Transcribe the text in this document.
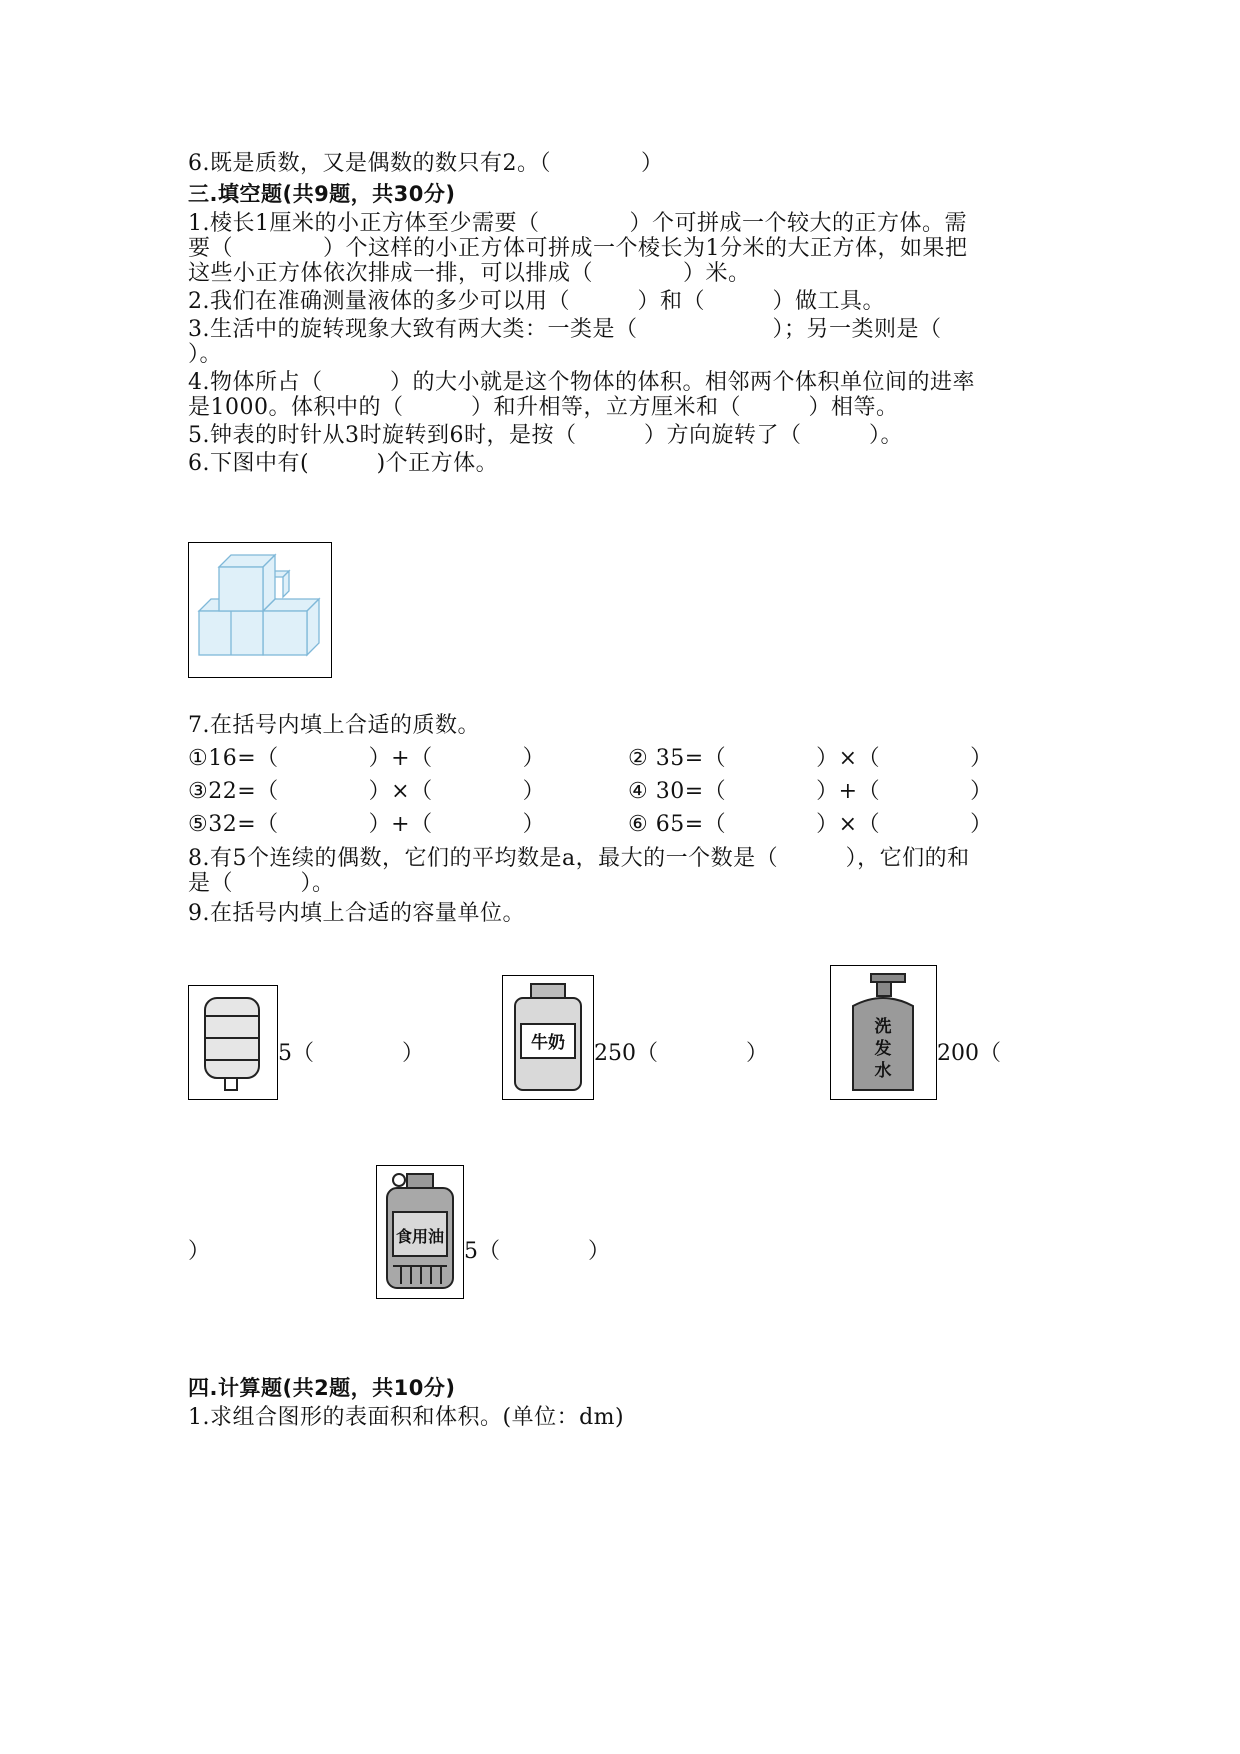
6.既是质数，又是偶数的数只有2。（　　　　）
三.填空题(共9题，共30分)
1.棱长1厘米的小正方体至少需要（　　　　）个可拼成一个较大的正方体。需
要（　　　　）个这样的小正方体可拼成一个棱长为1分米的大正方体，如果把
这些小正方体依次排成一排，可以排成（　　　　）米。
2.我们在准确测量液体的多少可以用（　　　）和（　　　）做工具。
3.生活中的旋转现象大致有两大类：一类是（　　　　　　）；另一类则是（
）。
4.物体所占（　　　）的大小就是这个物体的体积。相邻两个体积单位间的进率
是1000。体积中的（　　　）和升相等，立方厘米和（　　　）相等。
5.钟表的时针从3时旋转到6时，是按（　　　）方向旋转了（　　　）。
6.下图中有(　　　)个正方体。
7.在括号内填上合适的质数。
①16=（　　　　）+（　　　　）	② 35=（　　　　）×（　　　　）
③22=（　　　　）×（　　　　）	④ 30=（　　　　）+（　　　　）
⑤32=（　　　　）+（　　　　）	⑥ 65=（　　　　）×（　　　　）
8.有5个连续的偶数，它们的平均数是a，最大的一个数是（　　　），它们的和
是（　　　）。
9.在括号内填上合适的容量单位。
5（　　　　）	牛奶 250（　　　　）
洗发水
200（
）
食用油
5（　　　　）
四.计算题(共2题，共10分)
1.求组合图形的表面积和体积。(单位：dm)
